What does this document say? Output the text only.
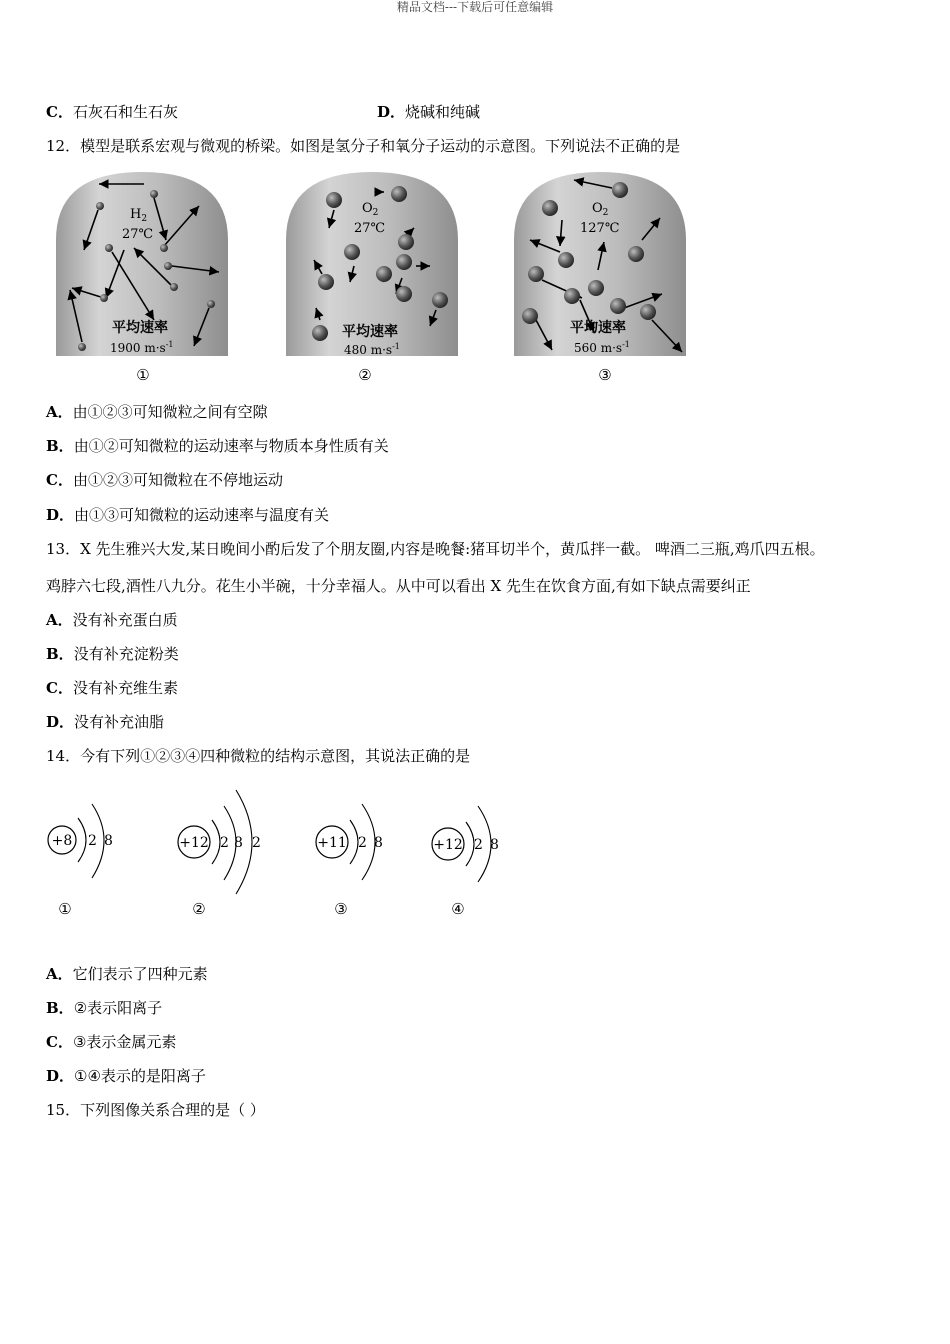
精品文档---下载后可任意编辑
C．石灰石和生石灰	D．烧碱和纯碱
12．模型是联系宏观与微观的桥梁。如图是氢分子和氧分子运动的示意图。下列说法不正确的是
$H_2$
27℃
平均速率
1900 $m\cdot s^{-1}$
①
$O_2$
27℃
平均速率
480 $m\cdot s^{-1}$
②
$O_2$
127℃
平均速率
560 $m\cdot s^{-1}$
③
A．由①②③可知微粒之间有空隙
B．由①②可知微粒的运动速率与物质本身性质有关
C．由①②③可知微粒在不停地运动
D．由①③可知微粒的运动速率与温度有关
13．X 先生雅兴大发,某日晚间小酌后发了个朋友圈,内容是晚餐:猪耳切半个，黄瓜拌一截。 啤酒二三瓶,鸡爪四五根。
鸡脖六七段,酒性八九分。花生小半碗，十分幸福人。从中可以看出 X 先生在饮食方面,有如下缺点需要纠正
A．没有补充蛋白质
B．没有补充淀粉类
C．没有补充维生素
D．没有补充油脂
14．今有下列①②③④四种微粒的结构示意图，其说法正确的是
+8 2 8
①
+12 2 8 2
②
+11 2 8
③
+12 2 8
④
A．它们表示了四种元素
B．②表示阳离子
C．③表示金属元素
D．①④表示的是阳离子
15．下列图像关系合理的是（ ）
